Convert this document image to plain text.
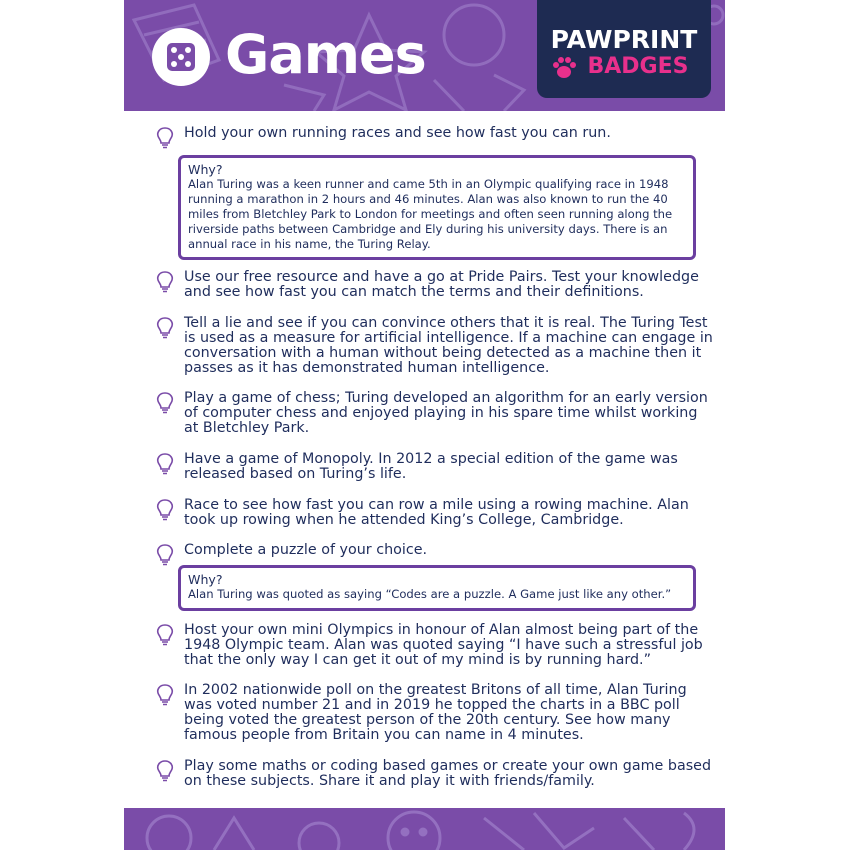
Games	PAWPRINT
BADGES
Hold your own running races and see how fast you can run.
Why?
Alan Turing was a keen runner and came 5th in an Olympic qualifying race in 1948 running a marathon in 2 hours and 46 minutes. Alan was also known to run the 40 miles from Bletchley Park to London for meetings and often seen running along the riverside paths between Cambridge and Ely during his university days. There is an annual race in his name, the Turing Relay.
Use our free resource and have a go at Pride Pairs. Test your knowledge and see how fast you can match the terms and their definitions.
Tell a lie and see if you can convince others that it is real. The Turing Test is used as a measure for artificial intelligence. If a machine can engage in conversation with a human without being detected as a machine then it passes as it has demonstrated human intelligence.
Play a game of chess; Turing developed an algorithm for an early version of computer chess and enjoyed playing in his spare time whilst working at Bletchley Park.
Have a game of Monopoly. In 2012 a special edition of the game was released based on Turing’s life.
Race to see how fast you can row a mile using a rowing machine. Alan took up rowing when he attended King’s College, Cambridge.
Complete a puzzle of your choice.
Why?
Alan Turing was quoted as saying “Codes are a puzzle. A Game just like any other.”
Host your own mini Olympics in honour of Alan almost being part of the 1948 Olympic team. Alan was quoted saying “I have such a stressful job that the only way I can get it out of my mind is by running hard.”
In 2002 nationwide poll on the greatest Britons of all time, Alan Turing was voted number 21 and in 2019 he topped the charts in a BBC poll being voted the greatest person of the 20th century. See how many famous people from Britain you can name in 4 minutes.
Play some maths or coding based games or create your own game based on these subjects. Share it and play it with friends/family.
